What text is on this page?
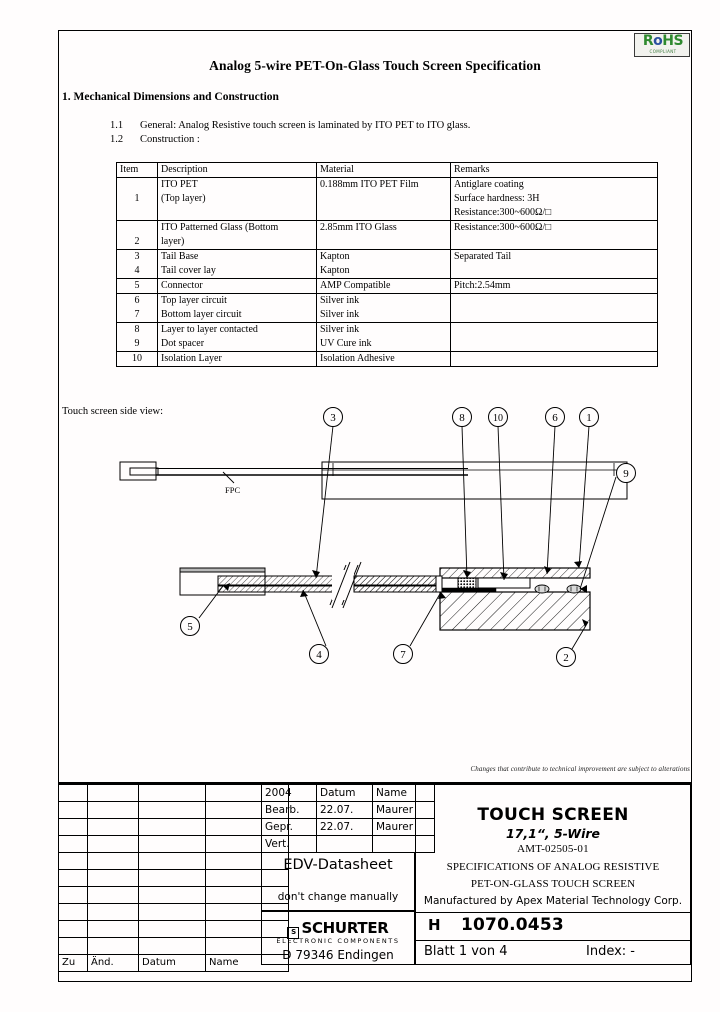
RoHS
COMPLIANT
Analog 5-wire PET-On-Glass Touch Screen Specification
1. Mechanical Dimensions and Construction
1.1 General: Analog Resistive touch screen is laminated by ITO PET to ITO glass.
1.2 Construction :
Item	Description	Material	Remarks
	ITO PET	0.188mm ITO PET Film	Antiglare coating
1	(Top layer)		Surface hardness: 3H
			Resistance:300~600Ω/□
	ITO Patterned Glass (Bottom	2.85mm ITO Glass	Resistance:300~600Ω/□
2	layer)		
3	Tail Base	Kapton	Separated Tail
4	Tail cover lay	Kapton	
5	Connector	AMP Compatible	Pitch:2.54mm
6	Top layer circuit	Silver ink	
7	Bottom layer circuit	Silver ink	
8	Layer to layer contacted	Silver ink	
9	Dot spacer	UV Cure ink	
10	Isolation Layer	Isolation Adhesive	
Touch screen side view:
FPC
3	8	10	6	1
9
5
4	7	2
Changes that contribute to technical improvement are subject to alterations

Zu	Änd.	Datum	Name
2004	Datum	Name
Bearb.	22.07.	Maurer
Gepr.	22.07.	Maurer
Vert.		
EDV-Datasheet
don't change manually
S SCHURTER
ELECTRONIC COMPONENTS
D 79346 Endingen
TOUCH SCREEN
17,1“, 5-Wire
AMT-02505-01
SPECIFICATIONS OF ANALOG RESISTIVE
PET-ON-GLASS TOUCH SCREEN
Manufactured by Apex Material Technology Corp.
H 1070.0453
Blatt 1 von 4	Index: -
